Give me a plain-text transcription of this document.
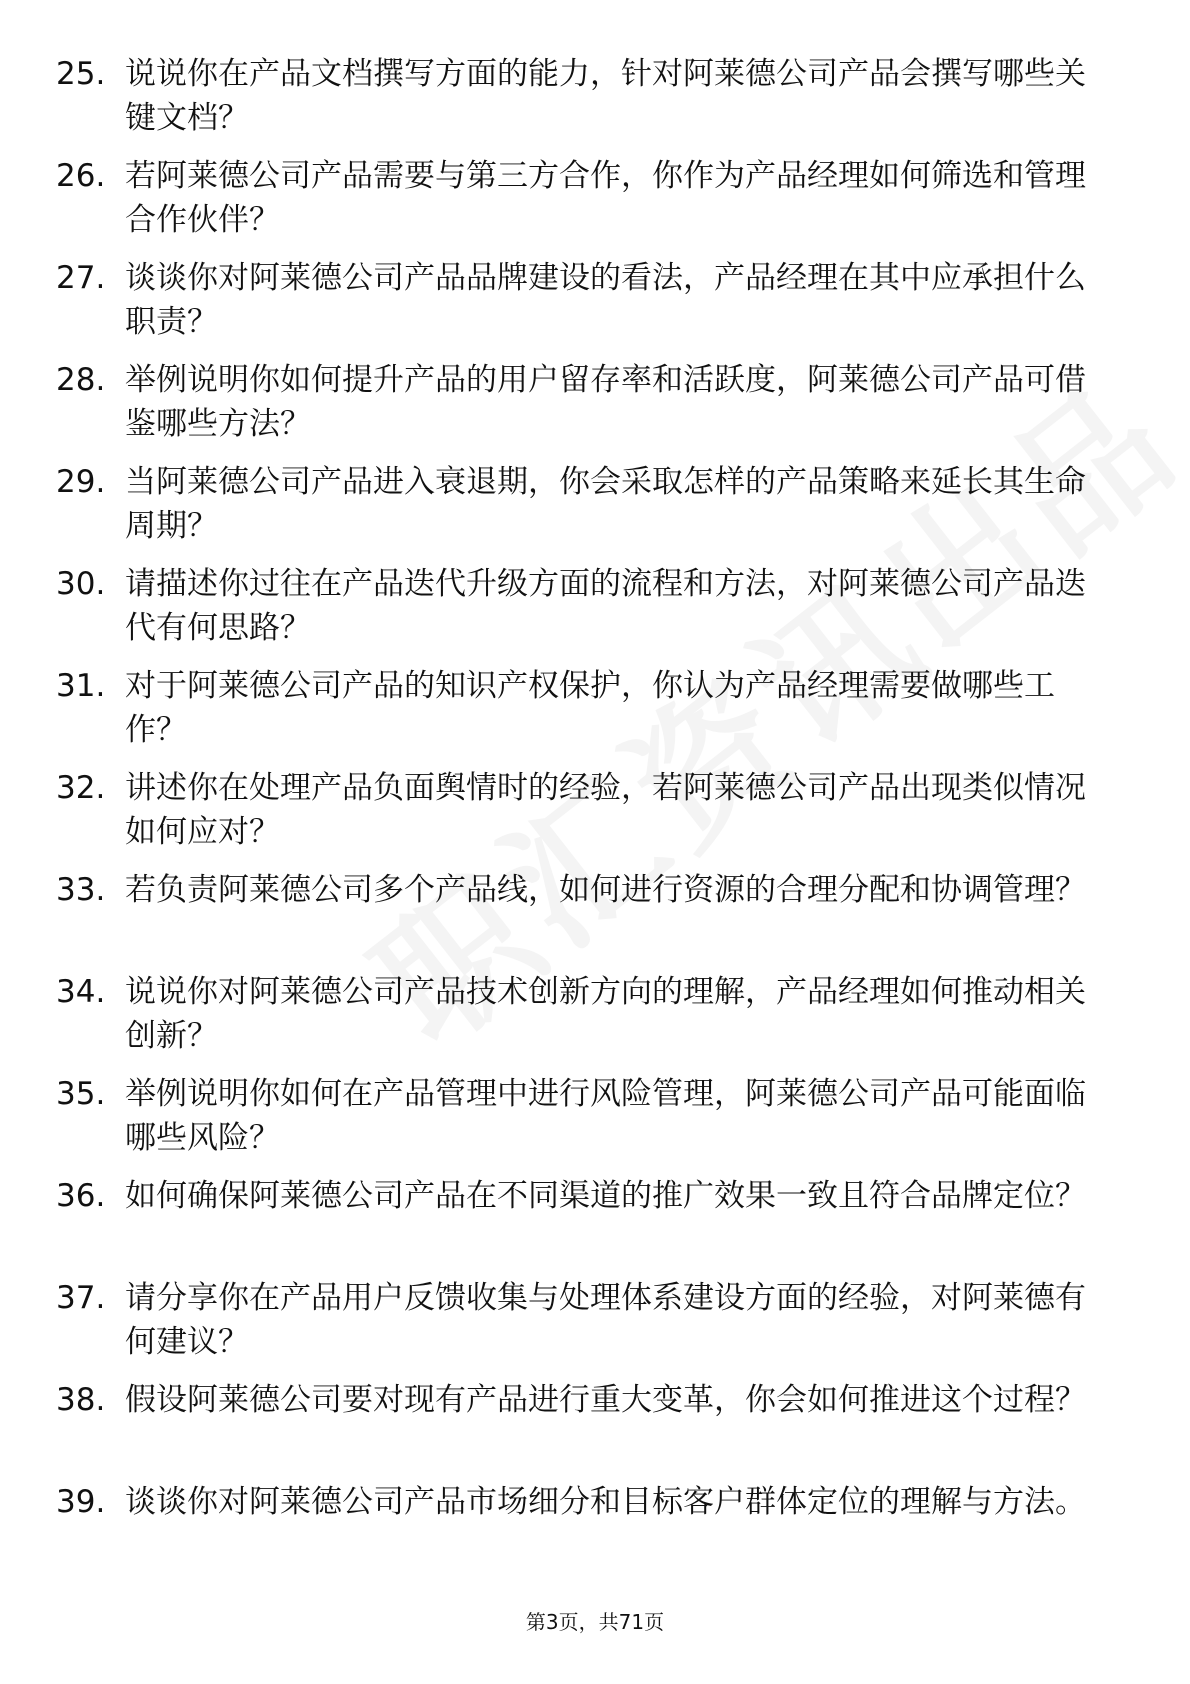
25. 说说你在产品文档撰写方面的能力，针对阿莱德公司产品会撰写哪些关键文档？
26. 若阿莱德公司产品需要与第三方合作，你作为产品经理如何筛选和管理合作伙伴？
27. 谈谈你对阿莱德公司产品品牌建设的看法，产品经理在其中应承担什么职责？
28. 举例说明你如何提升产品的用户留存率和活跃度，阿莱德公司产品可借鉴哪些方法？
29. 当阿莱德公司产品进入衰退期，你会采取怎样的产品策略来延长其生命周期？
30. 请描述你过往在产品迭代升级方面的流程和方法，对阿莱德公司产品迭代有何思路？
31. 对于阿莱德公司产品的知识产权保护，你认为产品经理需要做哪些工作？
32. 讲述你在处理产品负面舆情时的经验，若阿莱德公司产品出现类似情况如何应对？
33. 若负责阿莱德公司多个产品线，如何进行资源的合理分配和协调管理？
34. 说说你对阿莱德公司产品技术创新方向的理解，产品经理如何推动相关创新？
35. 举例说明你如何在产品管理中进行风险管理，阿莱德公司产品可能面临哪些风险？
36. 如何确保阿莱德公司产品在不同渠道的推广效果一致且符合品牌定位？
37. 请分享你在产品用户反馈收集与处理体系建设方面的经验，对阿莱德有何建议？
38. 假设阿莱德公司要对现有产品进行重大变革，你会如何推进这个过程？
39. 谈谈你对阿莱德公司产品市场细分和目标客户群体定位的理解与方法。
第3页，共71页
